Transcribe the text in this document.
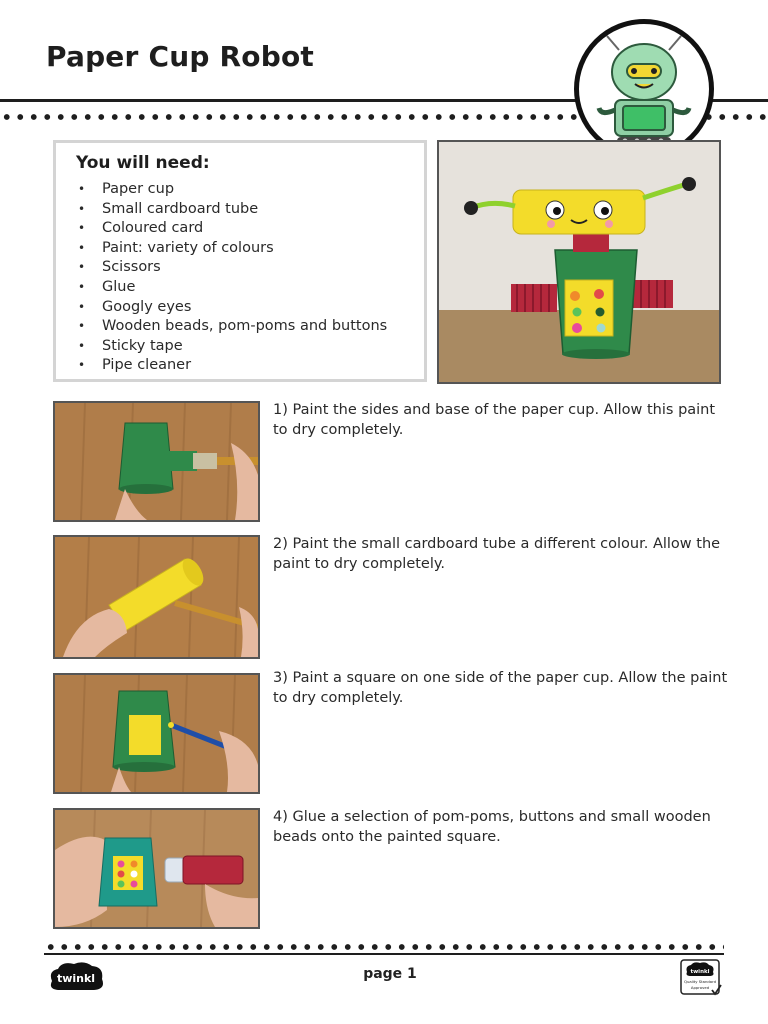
Paper Cup Robot
You will need:
• Paper cup
• Small cardboard tube
• Coloured card
• Paint: variety of colours
• Scissors
• Glue
• Googly eyes
• Wooden beads, pom-poms and buttons
• Sticky tape
• Pipe cleaner

1) Paint the sides and base of the paper cup. Allow this paint to dry completely.

2) Paint the small cardboard tube a different colour. Allow the paint to dry completely.

3) Paint a square on one side of the paper cup. Allow the paint to dry completely.

4) Glue a selection of pom-poms, buttons and small wooden beads onto the painted square.

twinkl	page 1	twinkl
Quality Standard
Approved
